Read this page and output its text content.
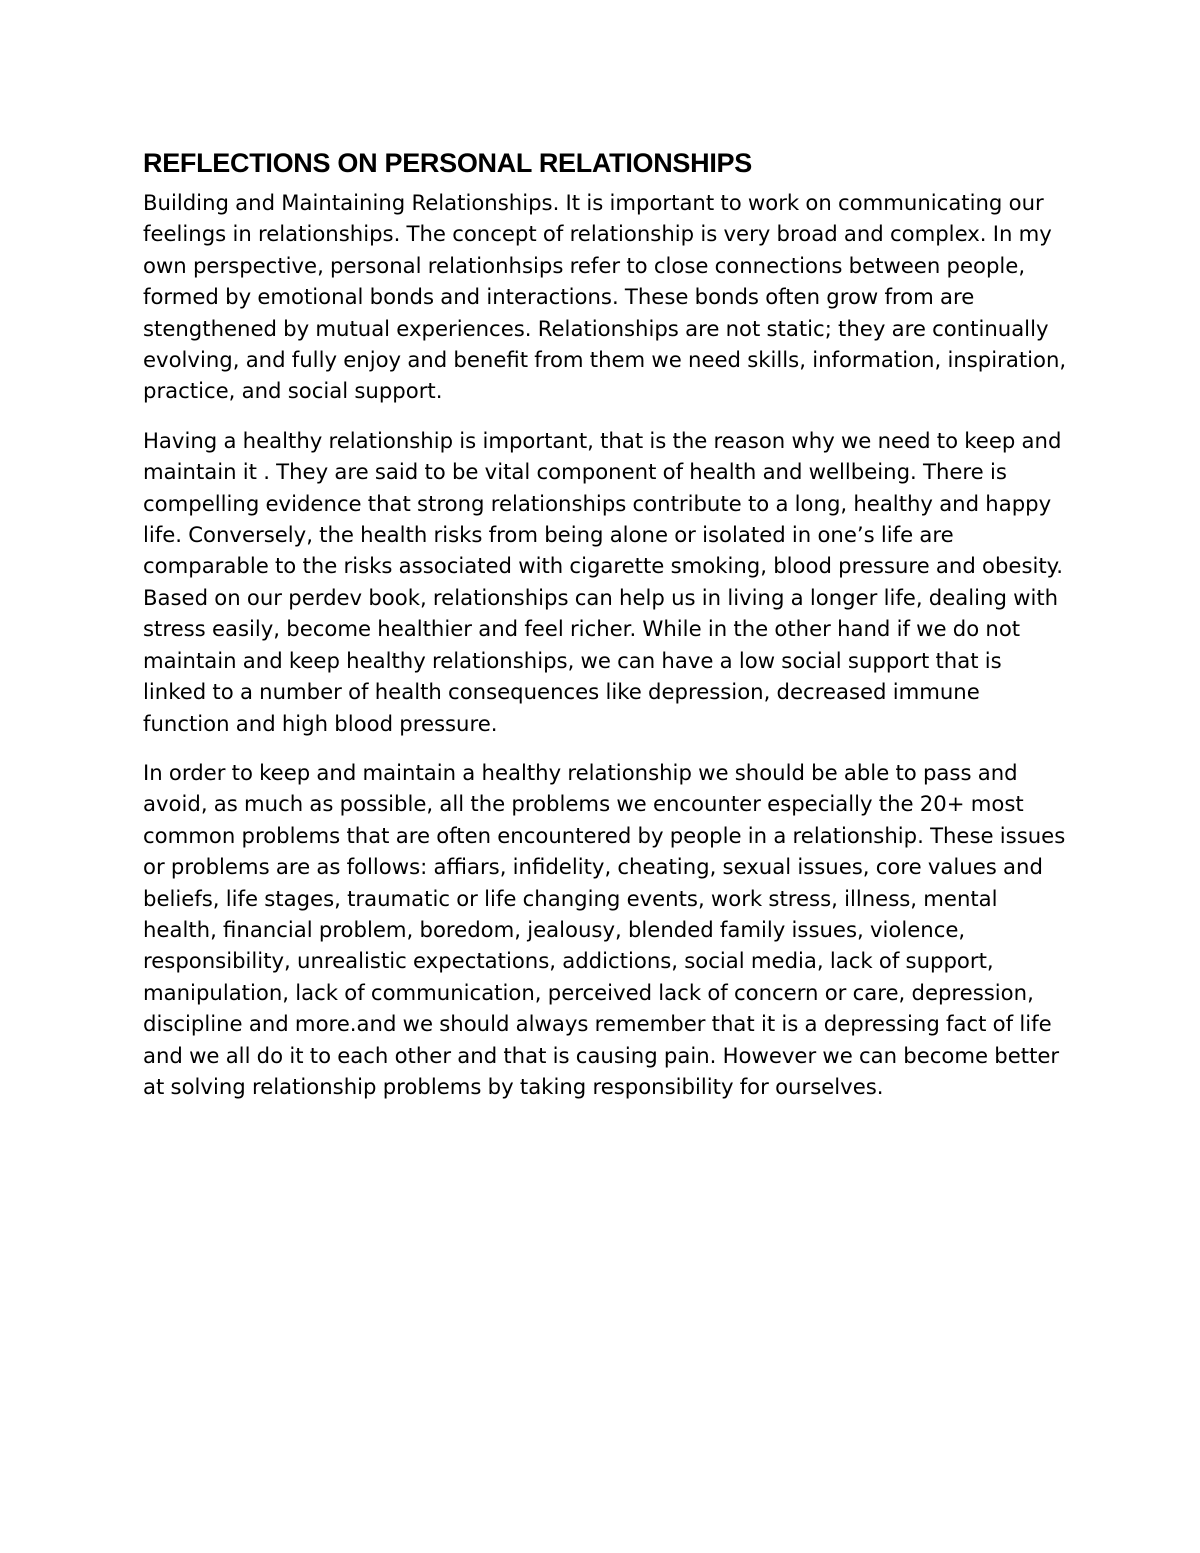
REFLECTIONS ON PERSONAL RELATIONSHIPS

Building and Maintaining Relationships. It is important to work on communicating our feelings in relationships. The concept of relationship is very broad and complex. In my own perspective, personal relationhsips refer to close connections between people, formed by emotional bonds and interactions. These bonds often grow from are stengthened by mutual experiences. Relationships are not static; they are continually evolving, and fully enjoy and benefit from them we need skills, information, inspiration, practice, and social support.

Having a healthy relationship is important, that is the reason why we need to keep and maintain it . They are said to be vital component of health and wellbeing. There is compelling evidence that strong relationships contribute to a long, healthy and happy life. Conversely, the health risks from being alone or isolated in one’s life are comparable to the risks associated with cigarette smoking, blood pressure and obesity. Based on our perdev book, relationships can help us in living a longer life, dealing with stress easily, become healthier and feel richer. While in the other hand if we do not maintain and keep healthy relationships, we can have a low social support that is linked to a number of health consequences like depression, decreased immune function and high blood pressure.

In order to keep and maintain a healthy relationship we should be able to pass and avoid, as much as possible, all the problems we encounter especially the 20+ most common problems that are often encountered by people in a relationship. These issues or problems are as follows: affiars, infidelity, cheating, sexual issues, core values and beliefs, life stages, traumatic or life changing events, work stress, illness, mental health, financial problem, boredom, jealousy, blended family issues, violence, responsibility, unrealistic expectations, addictions, social media, lack of support, manipulation, lack of communication, perceived lack of concern or care, depression, discipline and more.and we should always remember that it is a depressing fact of life and we all do it to each other and that is causing pain. However we can become better at solving relationship problems by taking responsibility for ourselves.
